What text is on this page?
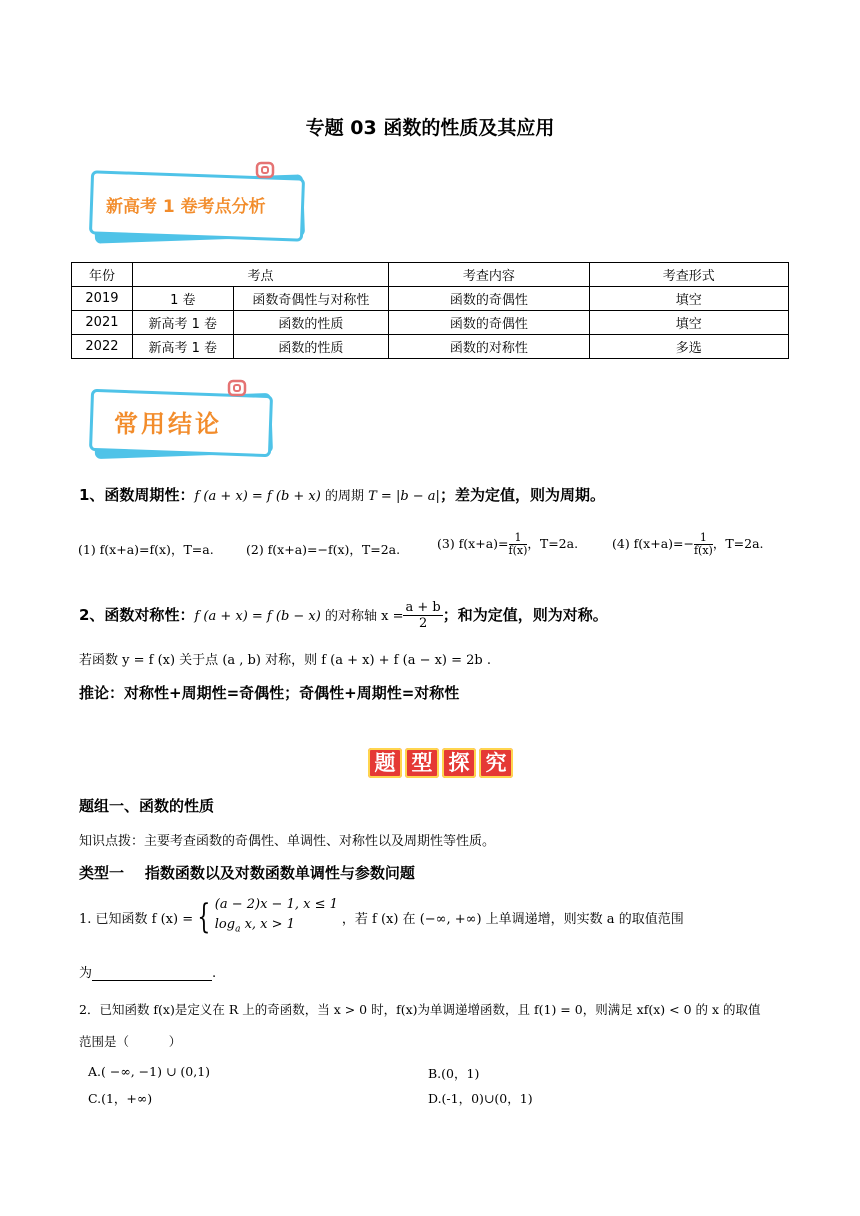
专题 03 函数的性质及其应用
新高考 1 卷考点分析
年份	考点		考查内容	考查形式
2019	1 卷	函数奇偶性与对称性	函数的奇偶性	填空
2021	新高考 1 卷	函数的性质	函数的奇偶性	填空
2022	新高考 1 卷	函数的性质	函数的对称性	多选
常用结论
1、函数周期性：f (a + x) = f (b + x) 的周期 T = |b − a|；差为定值，则为周期。
(1) f(x+a)=f(x)，T=a.	(2) f(x+a)=−f(x)，T=2a.	(3) $f(x+a)= \frac{1}{f(x)}$ ，T=2a.	(4) $f(x+a)=- \frac{1}{f(x)}$ ，T=2a.
2、函数对称性：f (a + x) = f (b − x) 的对称轴 $x = \frac{a + b}{2}$ ；和为定值，则为对称。
若函数 y = f (x) 关于点 (a , b) 对称，则 f (a + x) + f (a − x) = 2b .
推论：对称性+周期性=奇偶性；奇偶性+周期性=对称性
题 型 探 究
题组一、函数的性质
知识点拨：主要考查函数的奇偶性、单调性、对称性以及周期性等性质。
类型一    指数函数以及对数函数单调性与参数问题
1. 已知函数 f (x) = { (a − 2)x − 1, x ≤ 1
$\log_a x$, x > 1	，若 f (x) 在 (−∞, +∞) 上单调递增，则实数 a 的取值范围
为	.
2．已知函数 f(x)是定义在 R 上的奇函数，当 x > 0 时，f(x)为单调递增函数，且 f(1) = 0，则满足 xf(x) < 0 的 x 的取值
范围是（          ）
A.( −∞, −1) ∪ (0,1)	B.(0，1)
C.(1，+∞)	D.(-1，0)∪(0，1)
